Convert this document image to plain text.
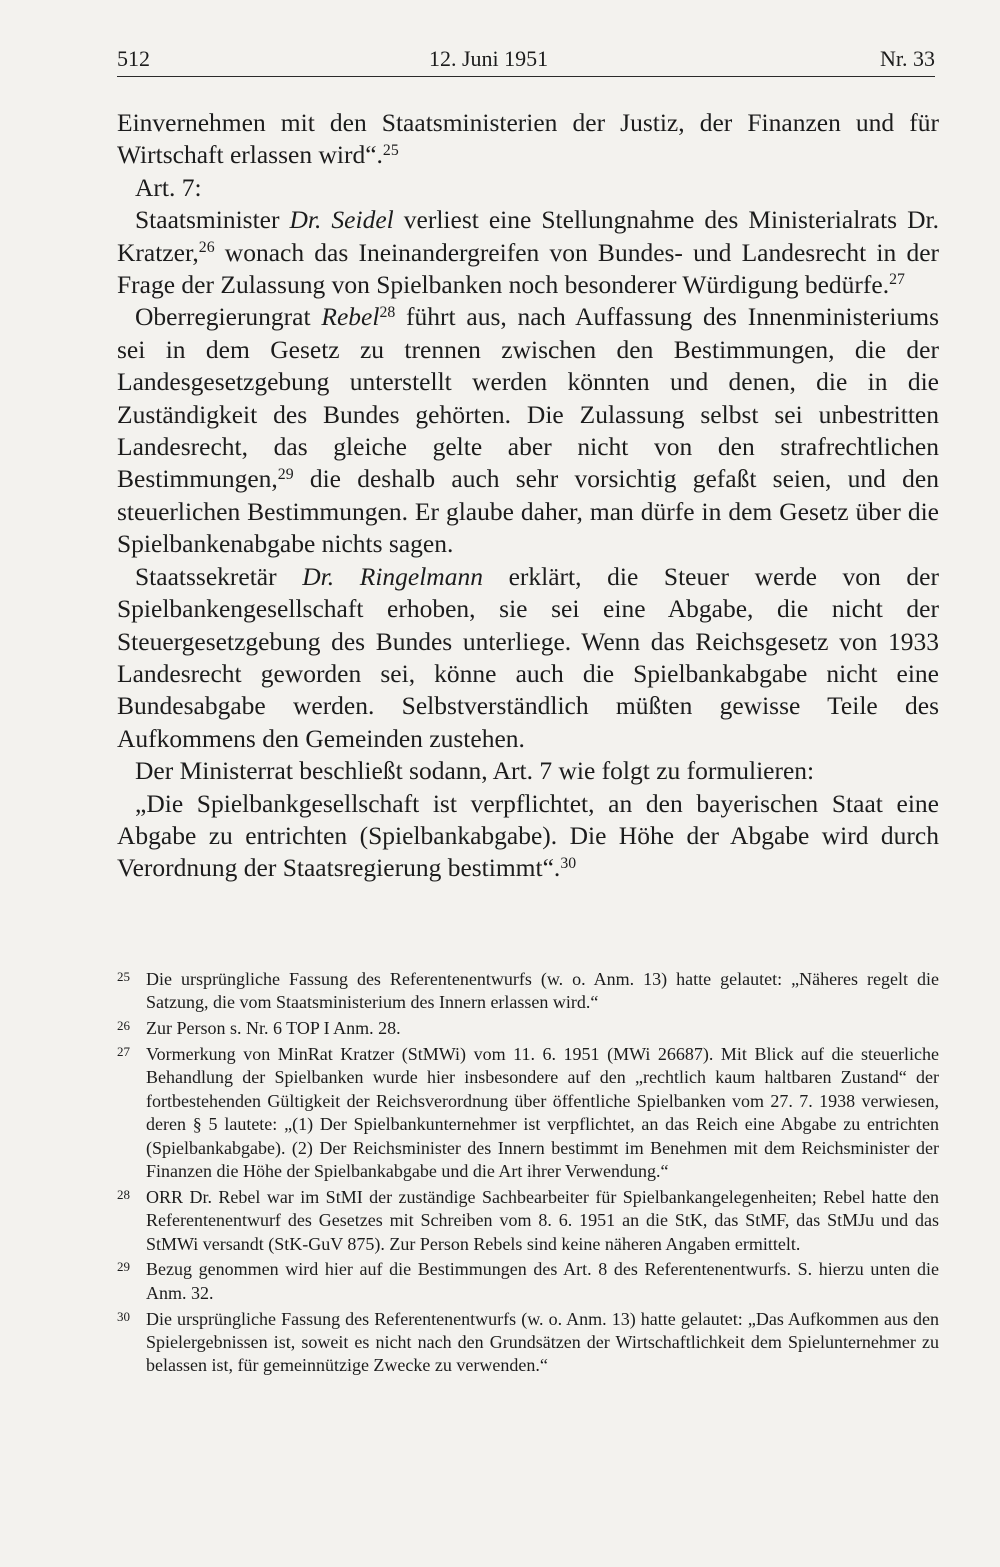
512	12. Juni 1951	Nr. 33

Einvernehmen mit den Staatsministerien der Justiz, der Finanzen und für Wirtschaft erlassen wird“.$^{25}$

Art. 7:

Staatsminister Dr. Seidel verliest eine Stellungnahme des Ministerialrats Dr. Kratzer,$^{26}$ wonach das Ineinandergreifen von Bundes- und Landesrecht in der Frage der Zulassung von Spielbanken noch besonderer Würdigung bedürfe.$^{27}$

Oberregierungrat Rebel$^{28}$ führt aus, nach Auffassung des Innenministeriums sei in dem Gesetz zu trennen zwischen den Bestimmungen, die der Landesgesetzgebung unterstellt werden könnten und denen, die in die Zuständigkeit des Bundes gehörten. Die Zulassung selbst sei unbestritten Landesrecht, das gleiche gelte aber nicht von den strafrechtlichen Bestimmungen,$^{29}$ die deshalb auch sehr vorsichtig gefaßt seien, und den steuerlichen Bestimmungen. Er glaube daher, man dürfe in dem Gesetz über die Spielbankenabgabe nichts sagen.

Staatssekretär Dr. Ringelmann erklärt, die Steuer werde von der Spielbankengesellschaft erhoben, sie sei eine Abgabe, die nicht der Steuergesetzgebung des Bundes unterliege. Wenn das Reichsgesetz von 1933 Landesrecht geworden sei, könne auch die Spielbankabgabe nicht eine Bundesabgabe werden. Selbstverständlich müßten gewisse Teile des Aufkommens den Gemeinden zustehen.

Der Ministerrat beschließt sodann, Art. 7 wie folgt zu formulieren:

„Die Spielbankgesellschaft ist verpflichtet, an den bayerischen Staat eine Abgabe zu entrichten (Spielbankabgabe). Die Höhe der Abgabe wird durch Verordnung der Staatsregierung bestimmt“.$^{30}$

25 Die ursprüngliche Fassung des Referentenentwurfs (w. o. Anm. 13) hatte gelautet: „Näheres regelt die Satzung, die vom Staatsministerium des Innern erlassen wird.“

26 Zur Person s. Nr. 6 TOP I Anm. 28.

27 Vormerkung von MinRat Kratzer (StMWi) vom 11. 6. 1951 (MWi 26687). Mit Blick auf die steuerliche Behandlung der Spielbanken wurde hier insbesondere auf den „rechtlich kaum haltbaren Zustand“ der fortbestehenden Gültigkeit der Reichsverordnung über öffentliche Spielbanken vom 27. 7. 1938 verwiesen, deren § 5 lautete: „(1) Der Spielbankunternehmer ist verpflichtet, an das Reich eine Abgabe zu entrichten (Spielbankabgabe). (2) Der Reichsminister des Innern bestimmt im Benehmen mit dem Reichsminister der Finanzen die Höhe der Spielbankabgabe und die Art ihrer Verwendung.“

28 ORR Dr. Rebel war im StMI der zuständige Sachbearbeiter für Spielbankangelegenheiten; Rebel hatte den Referentenentwurf des Gesetzes mit Schreiben vom 8. 6. 1951 an die StK, das StMF, das StMJu und das StMWi versandt (StK-GuV 875). Zur Person Rebels sind keine näheren Angaben ermittelt.

29 Bezug genommen wird hier auf die Bestimmungen des Art. 8 des Referentenentwurfs. S. hierzu unten die Anm. 32.

30 Die ursprüngliche Fassung des Referentenentwurfs (w. o. Anm. 13) hatte gelautet: „Das Aufkommen aus den Spielergebnissen ist, soweit es nicht nach den Grundsätzen der Wirtschaftlichkeit dem Spielunternehmer zu belassen ist, für gemeinnützige Zwecke zu verwenden.“
